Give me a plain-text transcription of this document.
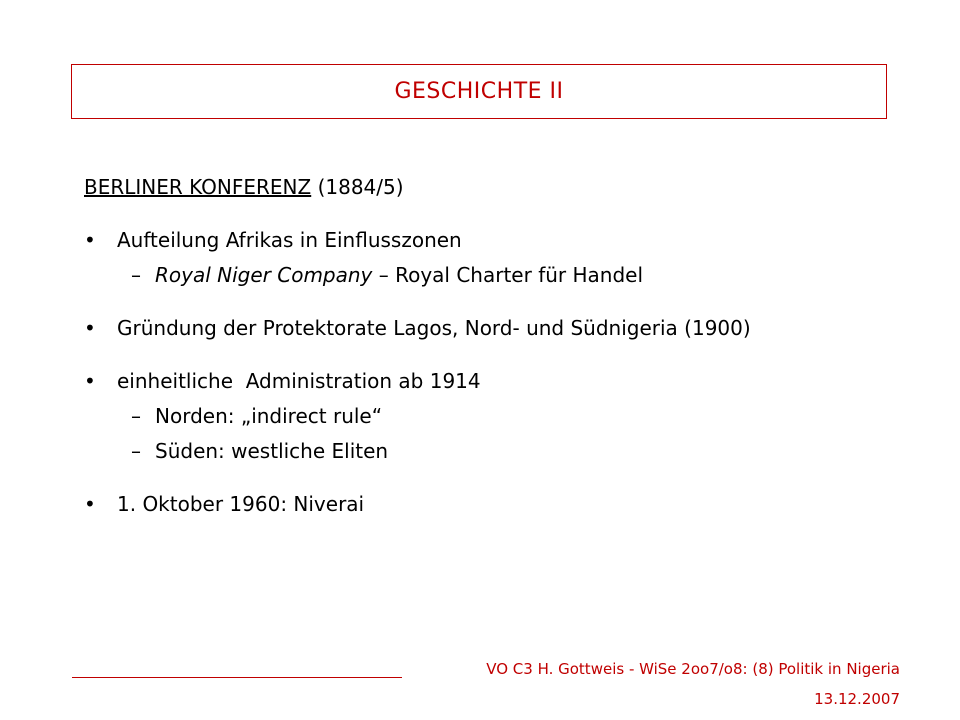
GESCHICHTE II

BERLINER KONFERENZ (1884/5)

•	Aufteilung Afrikas in Einflusszonen

– Royal Niger Company – Royal Charter für Handel

•	Gründung der Protektorate Lagos, Nord- und Südnigeria (1900)

•	einheitliche  Administration ab 1914

– Norden: „indirect rule“

– Süden: westliche Eliten

•	1. Oktober 1960: Niverai

VO C3 H. Gottweis - WiSe 2oo7/o8: (8) Politik in Nigeria
13.12.2007
